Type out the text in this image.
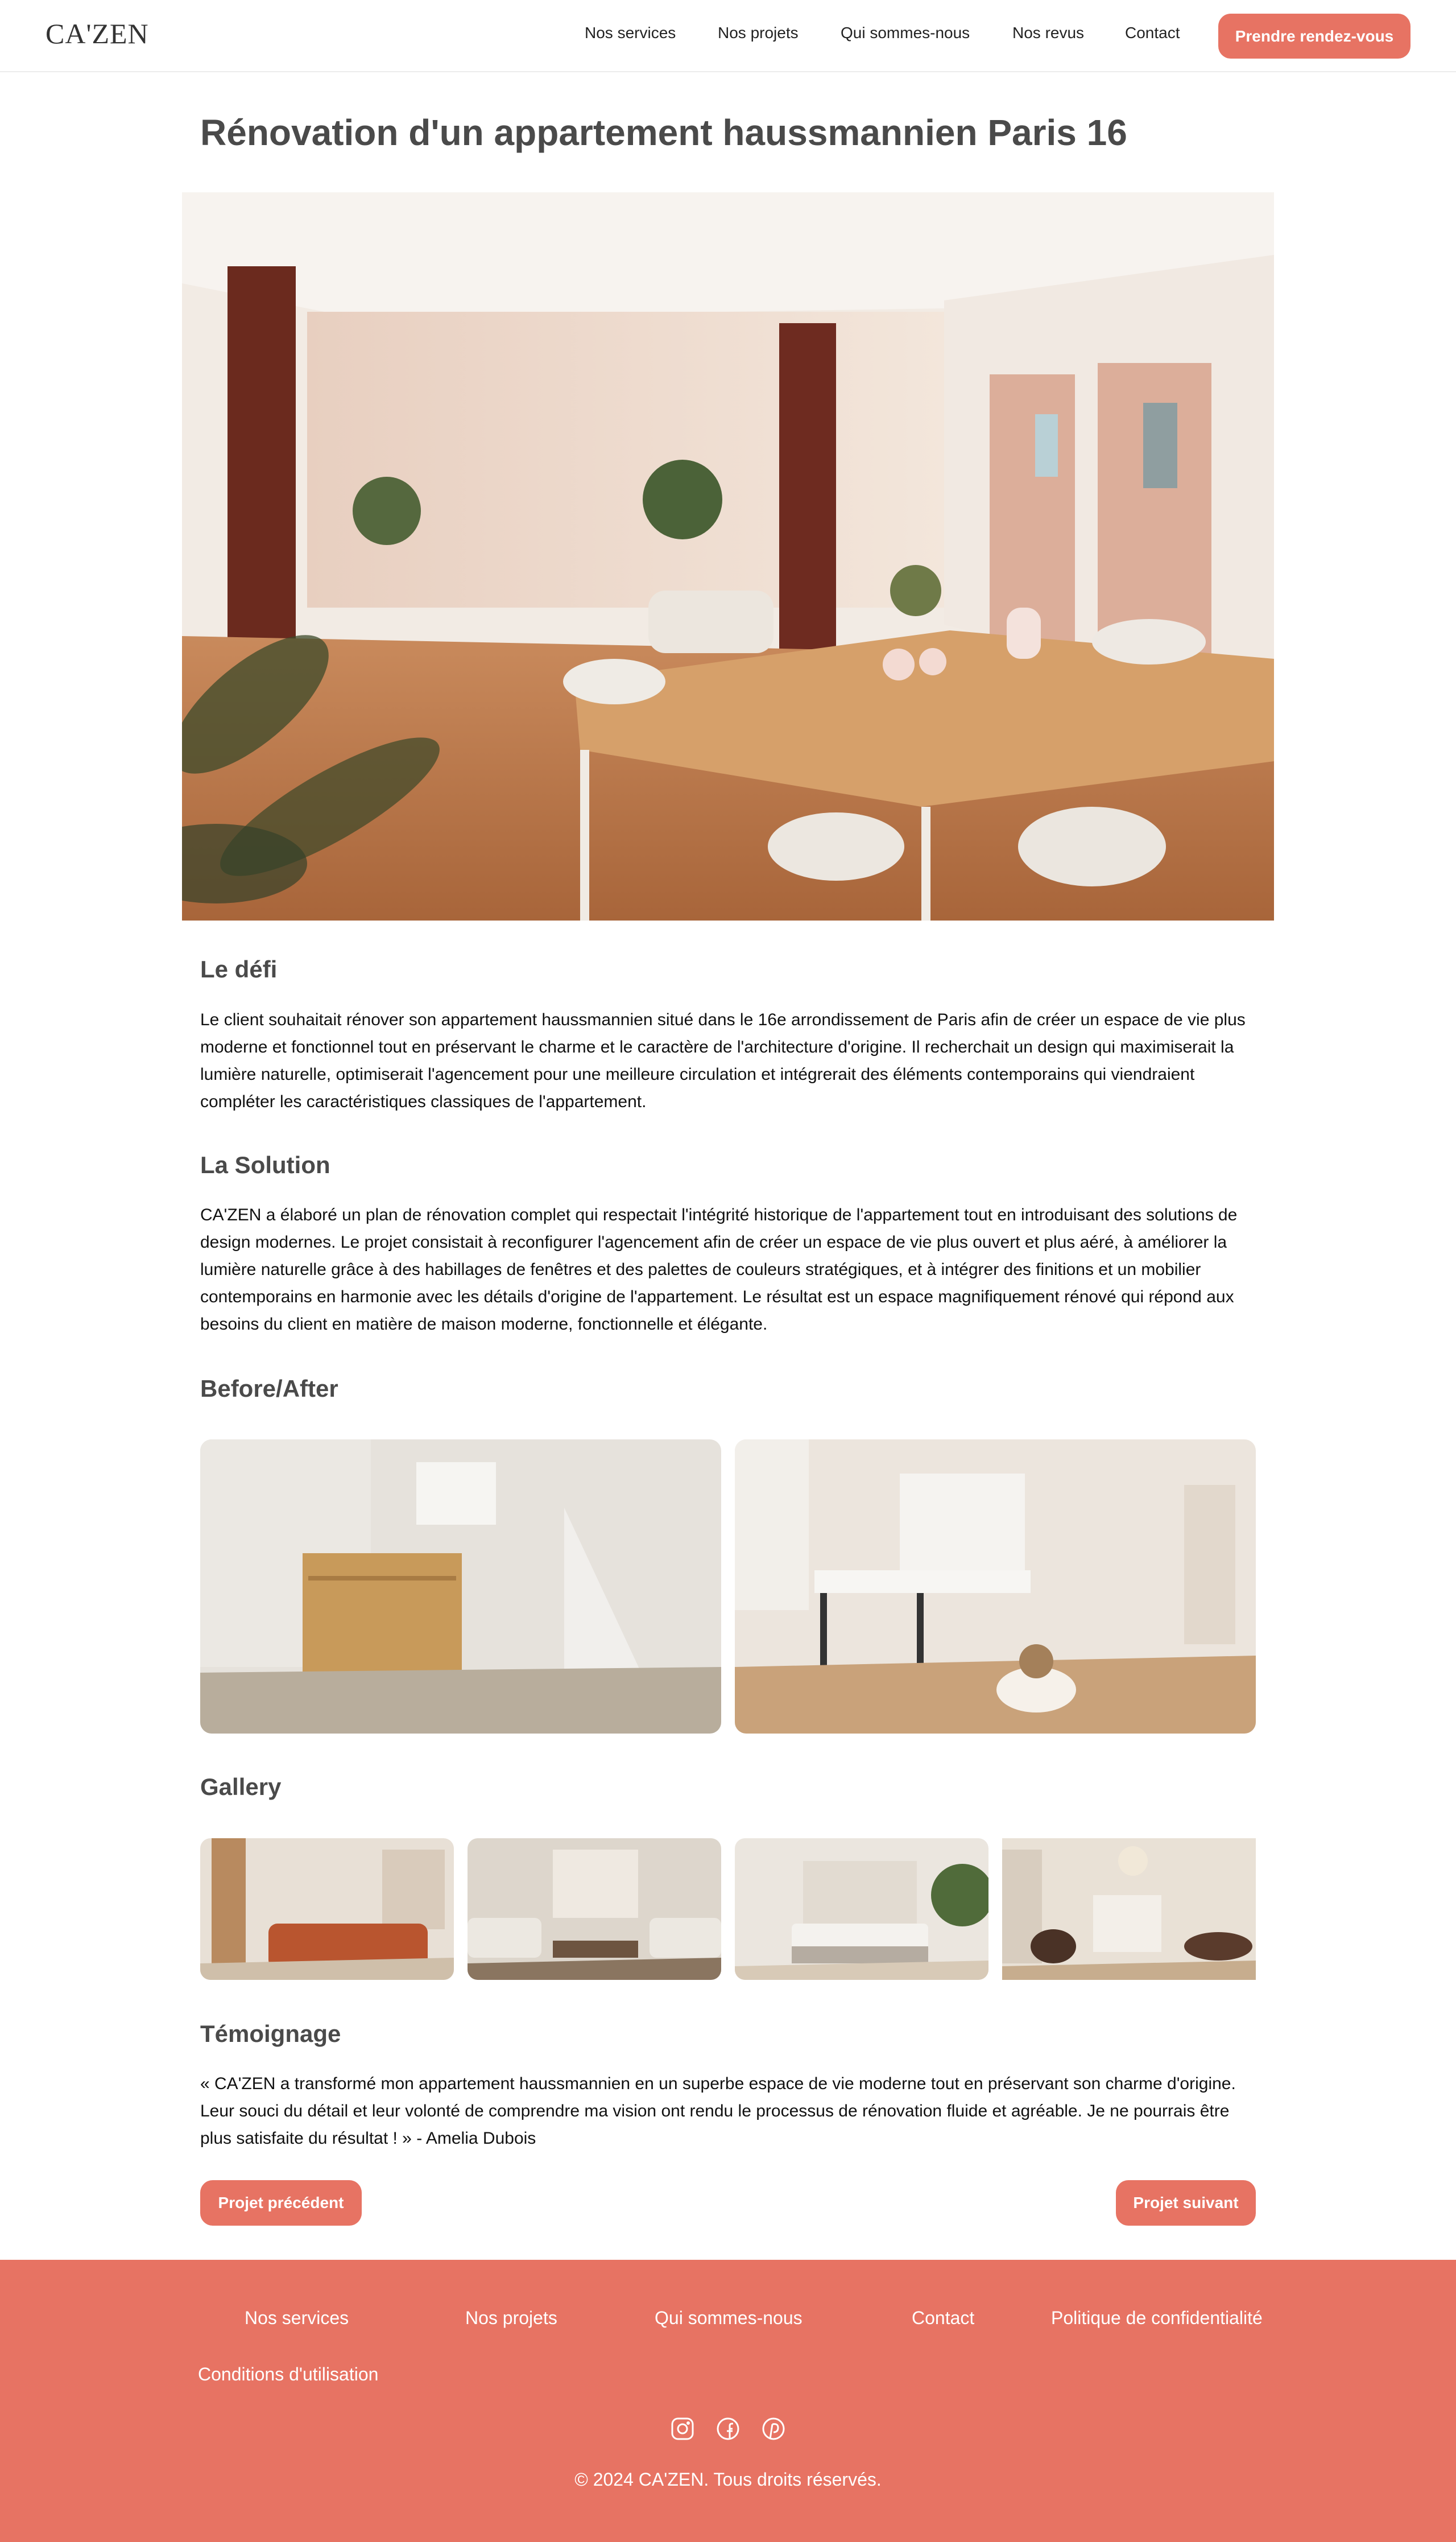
CA'ZEN	Nos services	Nos projets	Qui sommes-nous	Nos revus	Contact	Prendre rendez-vous
Rénovation d'un appartement haussmannien Paris 16
Le défi

Le client souhaitait rénover son appartement haussmannien situé dans le 16e arrondissement de Paris afin de créer un espace de vie plus moderne et fonctionnel tout en préservant le charme et le caractère de l'architecture d'origine. Il recherchait un design qui maximiserait la lumière naturelle, optimiserait l'agencement pour une meilleure circulation et intégrerait des éléments contemporains qui viendraient compléter les caractéristiques classiques de l'appartement.

La Solution

CA'ZEN a élaboré un plan de rénovation complet qui respectait l'intégrité historique de l'appartement tout en introduisant des solutions de design modernes. Le projet consistait à reconfigurer l'agencement afin de créer un espace de vie plus ouvert et plus aéré, à améliorer la lumière naturelle grâce à des habillages de fenêtres et des palettes de couleurs stratégiques, et à intégrer des finitions et un mobilier contemporains en harmonie avec les détails d'origine de l'appartement. Le résultat est un espace magnifiquement rénové qui répond aux besoins du client en matière de maison moderne, fonctionnelle et élégante.

Before/After
Gallery
Témoignage

« CA'ZEN a transformé mon appartement haussmannien en un superbe espace de vie moderne tout en préservant son charme d'origine. Leur souci du détail et leur volonté de comprendre ma vision ont rendu le processus de rénovation fluide et agréable. Je ne pourrais être plus satisfaite du résultat ! » - Amelia Dubois

Projet précédent	Projet suivant
Nos services	Nos projets	Qui sommes-nous	Contact	Politique de confidentialité
Conditions d'utilisation
© 2024 CA'ZEN. Tous droits réservés.
